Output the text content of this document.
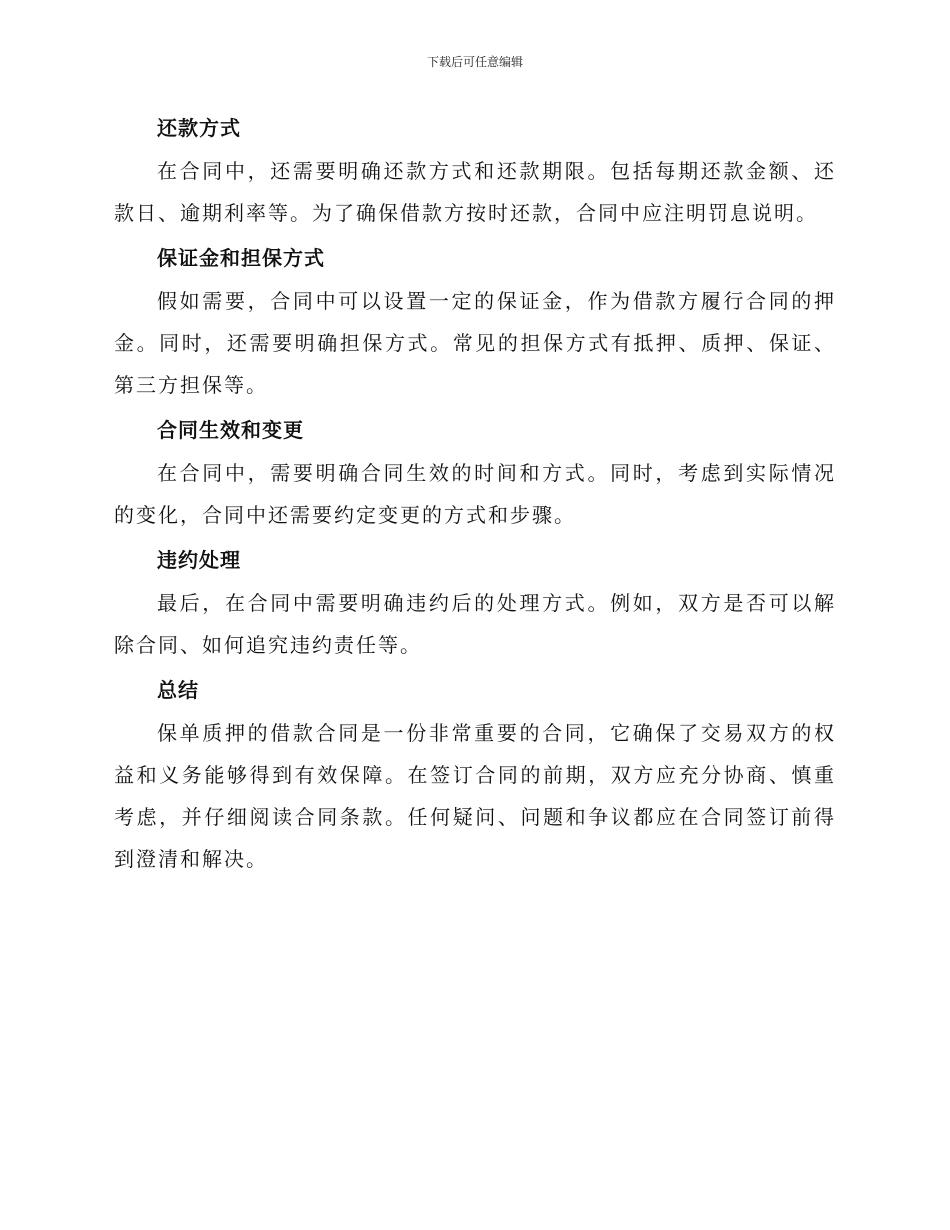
下载后可任意编辑
还款方式

在合同中，还需要明确还款方式和还款期限。包括每期还款金额、还款日、逾期利率等。为了确保借款方按时还款，合同中应注明罚息说明。

保证金和担保方式

假如需要，合同中可以设置一定的保证金，作为借款方履行合同的押金。同时，还需要明确担保方式。常见的担保方式有抵押、质押、保证、第三方担保等。

合同生效和变更

在合同中，需要明确合同生效的时间和方式。同时，考虑到实际情况的变化，合同中还需要约定变更的方式和步骤。

违约处理

最后，在合同中需要明确违约后的处理方式。例如，双方是否可以解除合同、如何追究违约责任等。

总结

保单质押的借款合同是一份非常重要的合同，它确保了交易双方的权益和义务能够得到有效保障。在签订合同的前期，双方应充分协商、慎重考虑，并仔细阅读合同条款。任何疑问、问题和争议都应在合同签订前得到澄清和解决。
